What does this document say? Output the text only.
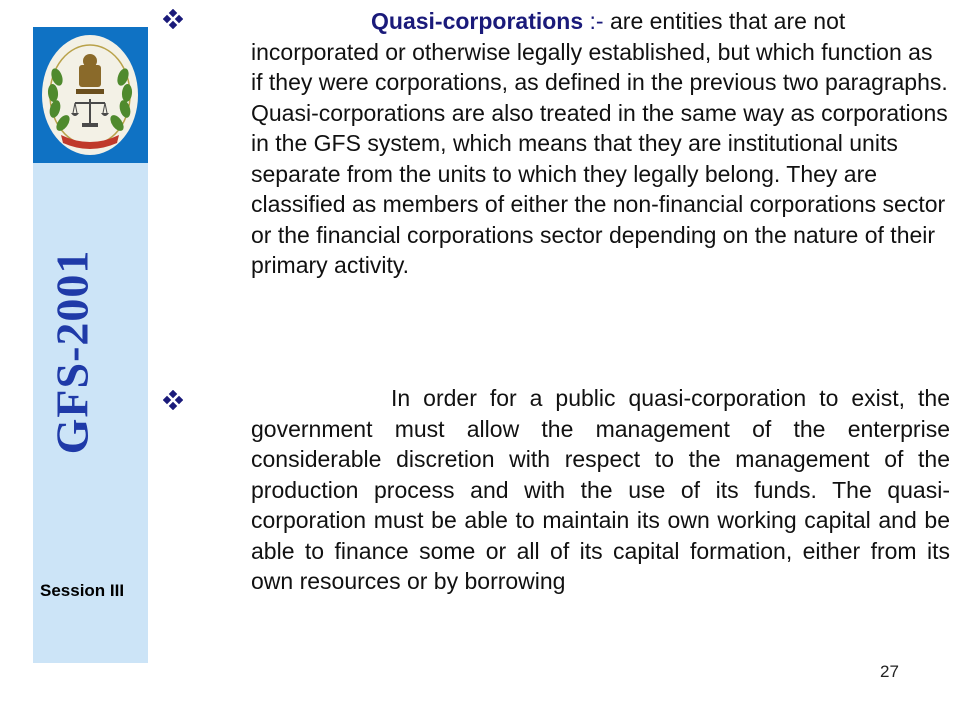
GFS-2001
Session III

Quasi-corporations :- are entities that are not incorporated or otherwise legally established, but which function as if they were corporations, as defined in the previous two paragraphs. Quasi-corporations are also treated in the same way as corporations in the GFS system, which means that they are institutional units separate from the units to which they legally belong. They are classified as members of either the non-financial corporations sector or the financial corporations sector depending on the nature of their primary activity.

In order for a public quasi-corporation to exist, the government must allow the management of the enterprise considerable discretion with respect to the management of the production process and with the use of its funds. The quasi-corporation must be able to maintain its own working capital and be able to finance some or all of its capital formation, either from its own resources or by borrowing

27
